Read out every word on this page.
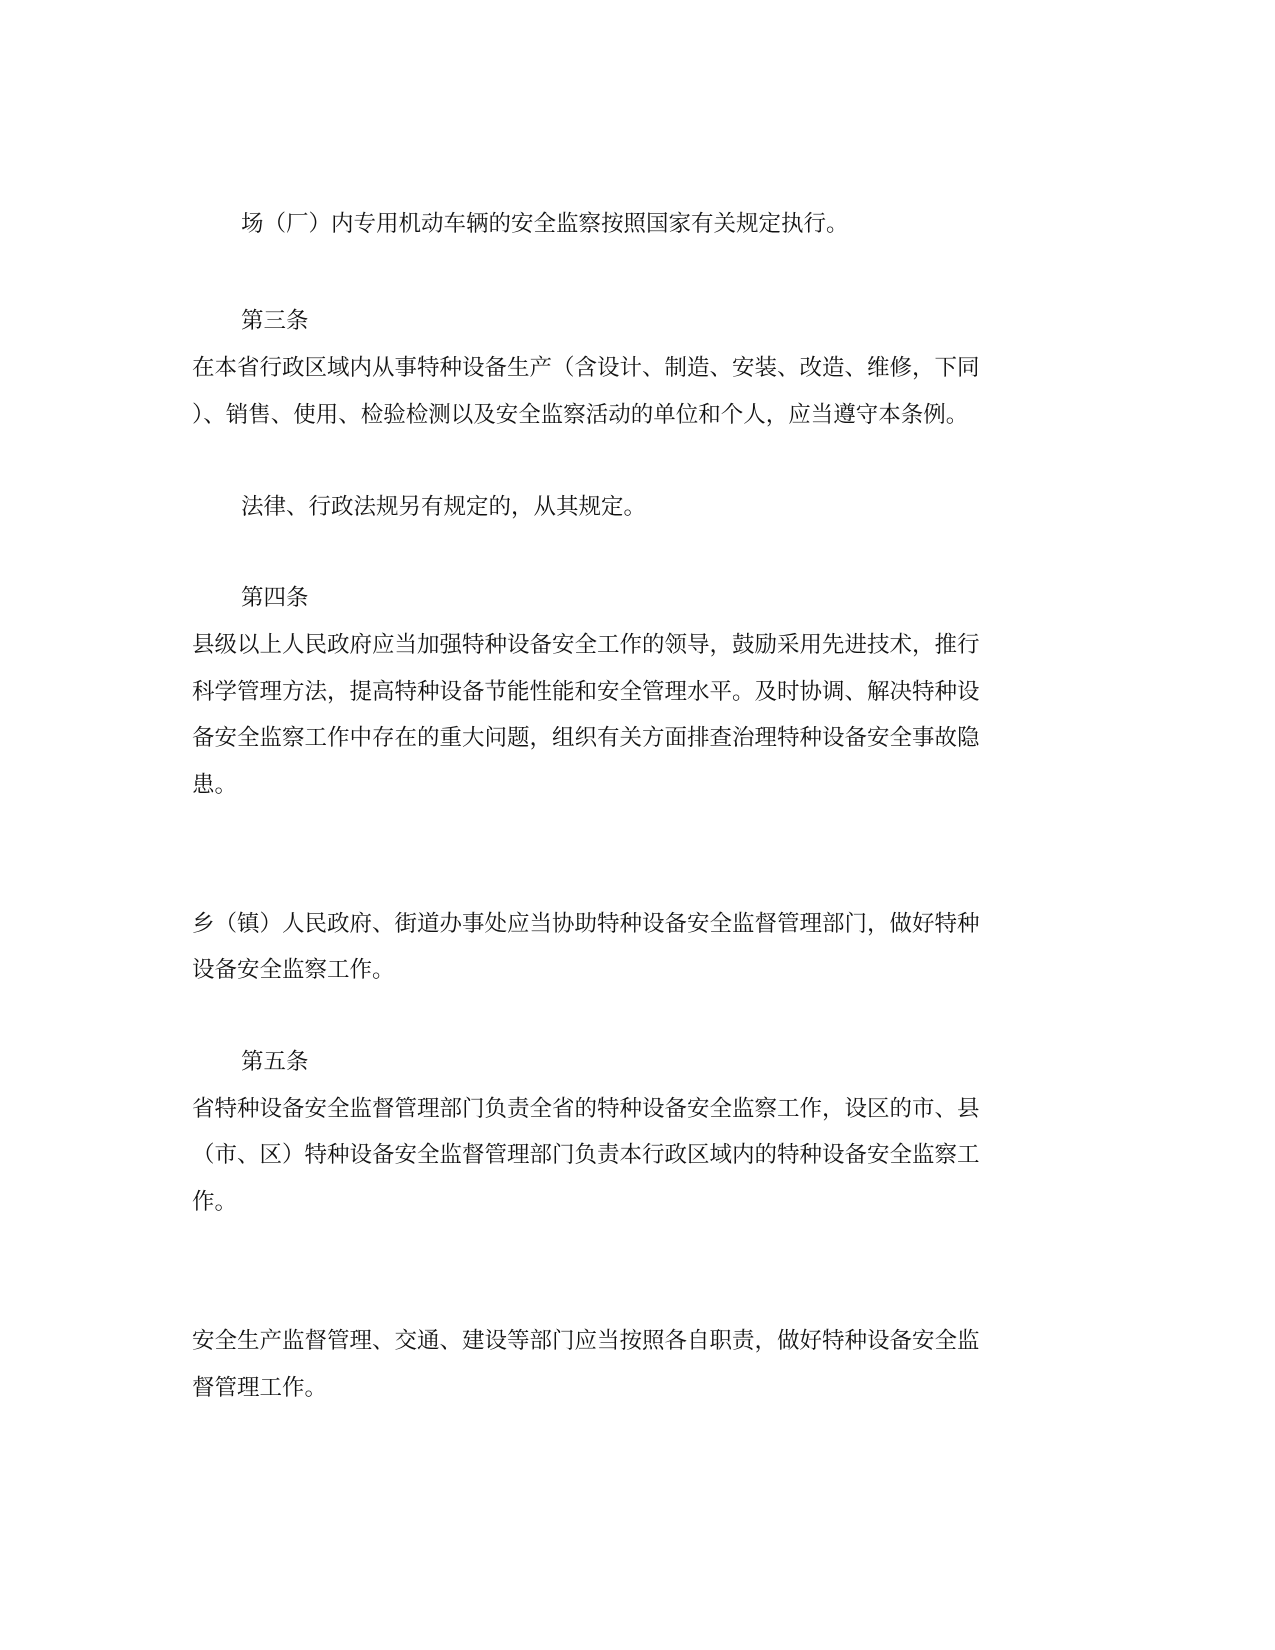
场（厂）内专用机动车辆的安全监察按照国家有关规定执行。
第三条
在本省行政区域内从事特种设备生产（含设计、制造、安装、改造、维修，下同
）、销售、使用、检验检测以及安全监察活动的单位和个人，应当遵守本条例。
法律、行政法规另有规定的，从其规定。
第四条
县级以上人民政府应当加强特种设备安全工作的领导，鼓励采用先进技术，推行
科学管理方法，提高特种设备节能性能和安全管理水平。及时协调、解决特种设
备安全监察工作中存在的重大问题，组织有关方面排查治理特种设备安全事故隐
患。
乡（镇）人民政府、街道办事处应当协助特种设备安全监督管理部门，做好特种
设备安全监察工作。
第五条
省特种设备安全监督管理部门负责全省的特种设备安全监察工作，设区的市、县
（市、区）特种设备安全监督管理部门负责本行政区域内的特种设备安全监察工
作。
安全生产监督管理、交通、建设等部门应当按照各自职责，做好特种设备安全监
督管理工作。
